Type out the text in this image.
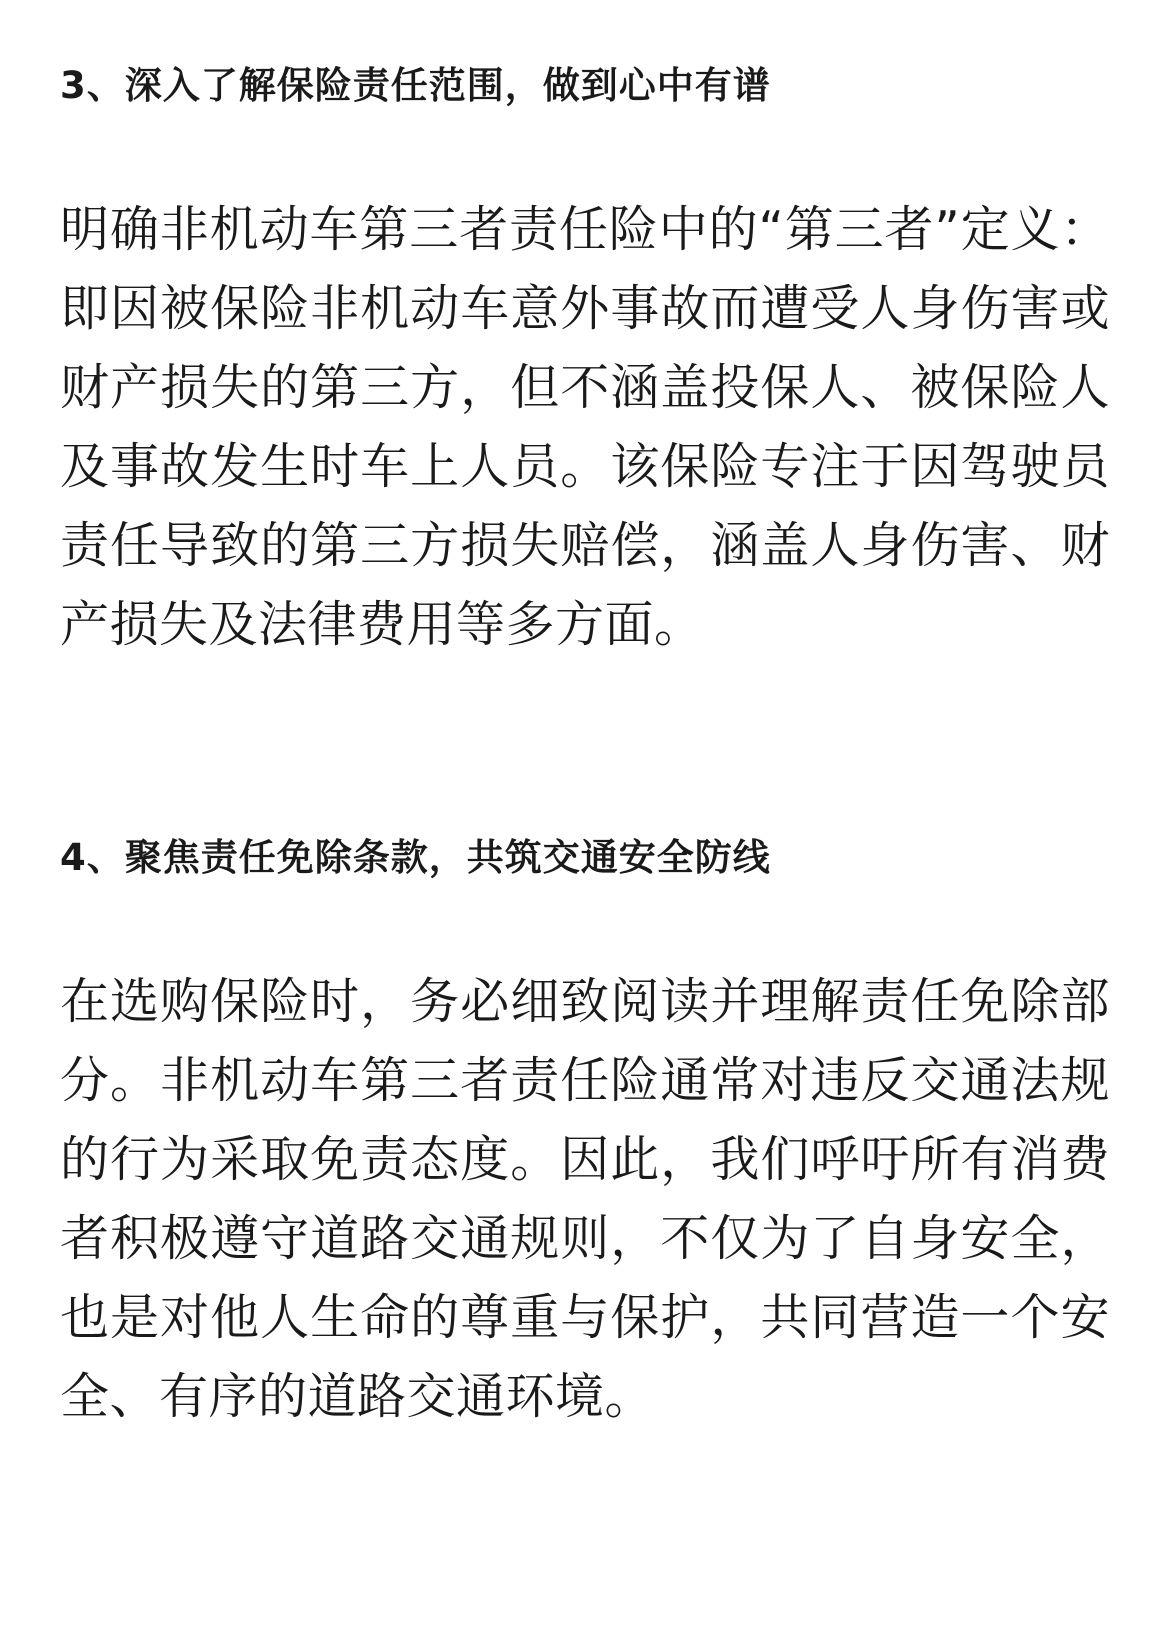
3、深入了解保险责任范围，做到心中有谱

明确非机动车第三者责任险中的“第三者”定义：即因被保险非机动车意外事故而遭受人身伤害或财产损失的第三方，但不涵盖投保人、被保险人及事故发生时车上人员。该保险专注于因驾驶员责任导致的第三方损失赔偿，涵盖人身伤害、财产损失及法律费用等多方面。

4、聚焦责任免除条款，共筑交通安全防线

在选购保险时，务必细致阅读并理解责任免除部分。非机动车第三者责任险通常对违反交通法规的行为采取免责态度。因此，我们呼吁所有消费者积极遵守道路交通规则，不仅为了自身安全，也是对他人生命的尊重与保护，共同营造一个安全、有序的道路交通环境。
